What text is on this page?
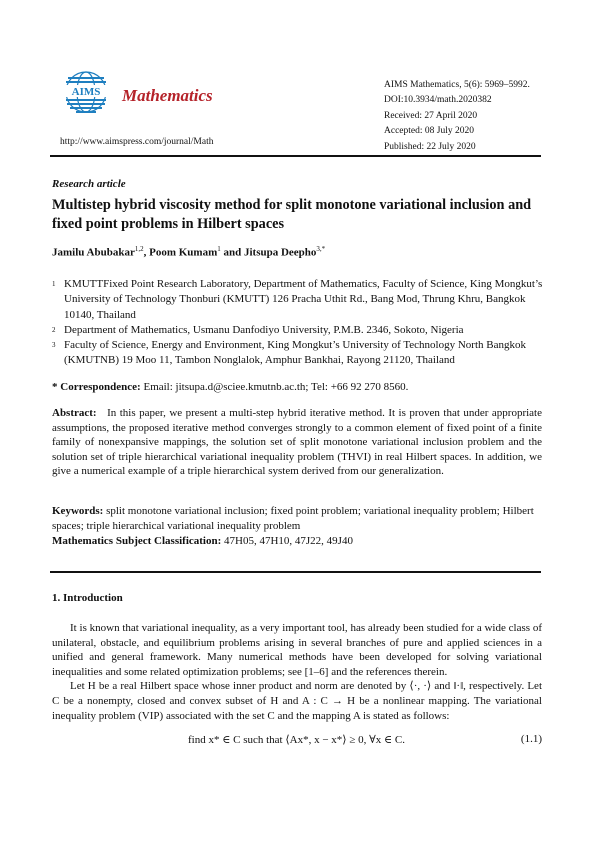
AIMS Mathematics
http://www.aimspress.com/journal/Math
AIMS Mathematics, 5(6): 5969–5992.
DOI:10.3934/math.2020382
Received: 27 April 2020
Accepted: 08 July 2020
Published: 22 July 2020
Research article
Multistep hybrid viscosity method for split monotone variational inclusion and fixed point problems in Hilbert spaces
Jamilu Abubakar$^{1,2}$, Poom Kumam$^1$ and Jitsupa Deepho$^{3,*}$
1 KMUTTFixed Point Research Laboratory, Department of Mathematics, Faculty of Science, King Mongkut’s University of Technology Thonburi (KMUTT) 126 Pracha Uthit Rd., Bang Mod, Thrung Khru, Bangkok 10140, Thailand
2 Department of Mathematics, Usmanu Danfodiyo University, P.M.B. 2346, Sokoto, Nigeria
3 Faculty of Science, Energy and Environment, King Mongkut’s University of Technology North Bangkok (KMUTNB) 19 Moo 11, Tambon Nonglalok, Amphur Bankhai, Rayong 21120, Thailand
* Correspondence: Email: jitsupa.d@sciee.kmutnb.ac.th; Tel: +66 92 270 8560.
Abstract: In this paper, we present a multi-step hybrid iterative method. It is proven that under appropriate assumptions, the proposed iterative method converges strongly to a common element of fixed point of a finite family of nonexpansive mappings, the solution set of split monotone variational inclusion problem and the solution set of triple hierarchical variational inequality problem (THVI) in real Hilbert spaces. In addition, we give a numerical example of a triple hierarchical system derived from our generalization.
Keywords: split monotone variational inclusion; fixed point problem; variational inequality problem; Hilbert spaces; triple hierarchical variational inequality problem
Mathematics Subject Classification: 47H05, 47H10, 47J22, 49J40
1. Introduction

It is known that variational inequality, as a very important tool, has already been studied for a wide class of unilateral, obstacle, and equilibrium problems arising in several branches of pure and applied sciences in a unified and general framework. Many numerical methods have been developed for solving variational inequalities and some related optimization problems; see [1–6] and the references therein.

Let H be a real Hilbert space whose inner product and norm are denoted by ⟨·, ·⟩ and ‖·‖, respectively. Let C be a nonempty, closed and convex subset of H and A : C → H be a nonlinear mapping. The variational inequality problem (VIP) associated with the set C and the mapping A is stated as follows:

find x* ∈ C such that ⟨Ax*, x − x*⟩ ≥ 0, ∀x ∈ C.	(1.1)
